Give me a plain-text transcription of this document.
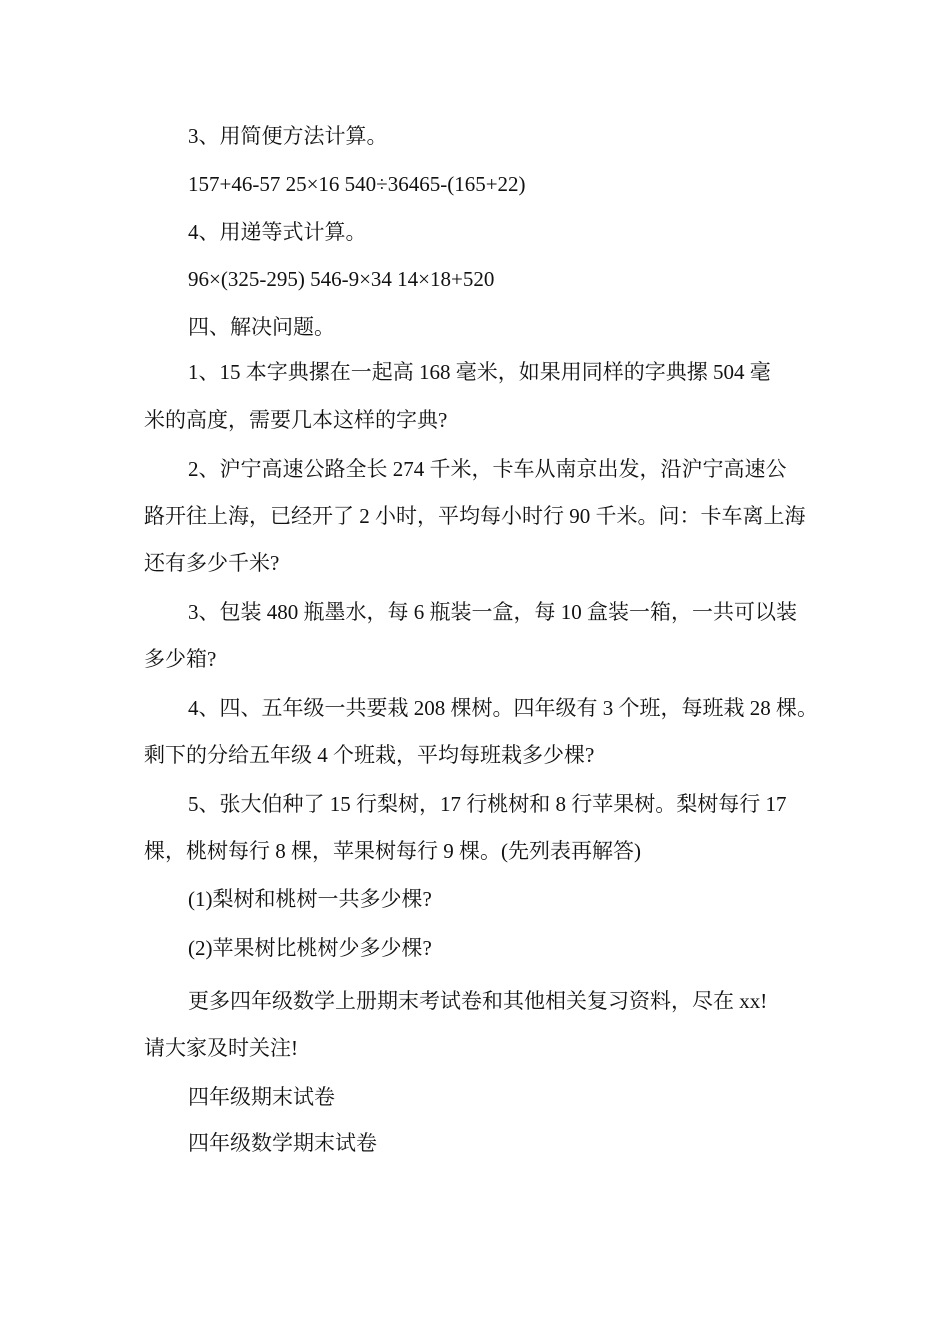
3、用简便方法计算。
157+46-57 25×16 540÷36465-(165+22)
4、用递等式计算。
96×(325-295) 546-9×34 14×18+520
四、解决问题。
1、15 本字典摞在一起高 168 毫米，如果用同样的字典摞 504 毫
米的高度，需要几本这样的字典?
2、沪宁高速公路全长 274 千米，卡车从南京出发，沿沪宁高速公
路开往上海，已经开了 2 小时，平均每小时行 90 千米。问：卡车离上海
还有多少千米?
3、包装 480 瓶墨水，每 6 瓶装一盒，每 10 盒装一箱，一共可以装
多少箱?
4、四、五年级一共要栽 208 棵树。四年级有 3 个班，每班栽 28 棵。
剩下的分给五年级 4 个班栽，平均每班栽多少棵?
5、张大伯种了 15 行梨树，17 行桃树和 8 行苹果树。梨树每行 17
棵，桃树每行 8 棵，苹果树每行 9 棵。(先列表再解答)
(1)梨树和桃树一共多少棵?
(2)苹果树比桃树少多少棵?
更多四年级数学上册期末考试卷和其他相关复习资料，尽在 xx!
请大家及时关注!
四年级期末试卷
四年级数学期末试卷
